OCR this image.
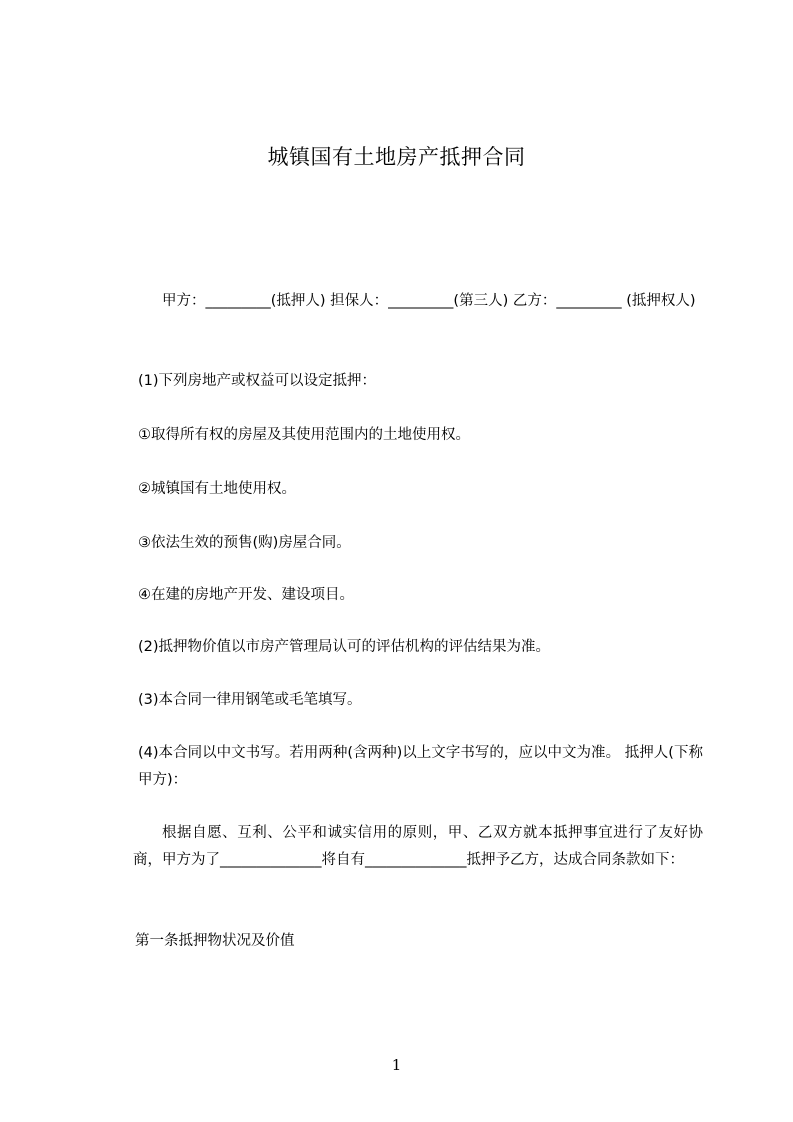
城镇国有土地房产抵押合同
甲方：_________(抵押人) 担保人：_________(第三人) 乙方：_________ (抵押权人)
(1)下列房地产或权益可以设定抵押：
①取得所有权的房屋及其使用范围内的土地使用权。
②城镇国有土地使用权。
③依法生效的预售(购)房屋合同。
④在建的房地产开发、建设项目。
(2)抵押物价值以市房产管理局认可的评估机构的评估结果为准。
(3)本合同一律用钢笔或毛笔填写。
(4)本合同以中文书写。若用两种(含两种)以上文字书写的，应以中文为准。 抵押人(下称甲方)：
根据自愿、互利、公平和诚实信用的原则，甲、乙双方就本抵押事宜进行了友好协商，甲方为了______________将自有______________抵押予乙方，达成合同条款如下：
第一条抵押物状况及价值
1
